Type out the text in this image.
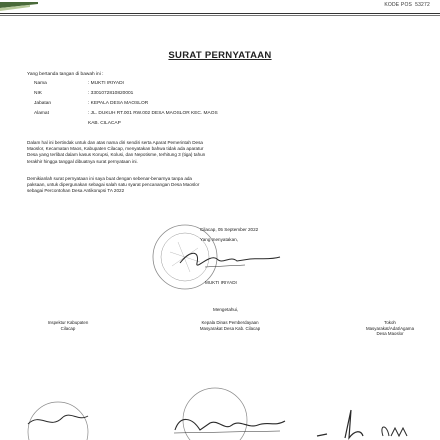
KODE POS 53272
SURAT PERNYATAAN
Yang bertanda tangan di bawah ini :
Nama	: MUKTI IRIYADI
NIK	: 3301072810820001
Jabatan	: KEPALA DESA MAOSLOR
Alamat	: JL. DUKUH RT.001 RW.002 DESA MAOSLOR KEC. MAOS
KAB. CILACAP
Dalam hal ini bertindak untuk dan atas nama diri sendiri serta Aparat Pemerintah Desa
Maoslor, Kecamatan Maos, Kabupaten Cilacap, menyatakan bahwa tidak ada aparatur
Desa yang terlibat dalam kasus Korupsi, Kolusi, dan Nepotisme, terhitung 3 (tiga) tahun
terakhir hingga tanggal dibuatnya surat pernyataan ini.
Demikianlah surat pernyataan ini saya buat dengan sebenar-benarnya tanpa ada
paksaan, untuk dipergunakan sebagai salah satu syarat pencanangan Desa Maoslor
sebagai Percontohan Desa Antikorupsi TA 2022
Cilacap, 05 September 2022
Yang menyatakan,
MUKTI IRIYADI
Mengetahui,
Inspektur Kabupaten
Cilacap
Kepala Dinas Pemberdayaan
Masyarakat Desa Kab. Cilacap
Tokoh
Masyarakat/Adat/Agama
Desa Maoslor
